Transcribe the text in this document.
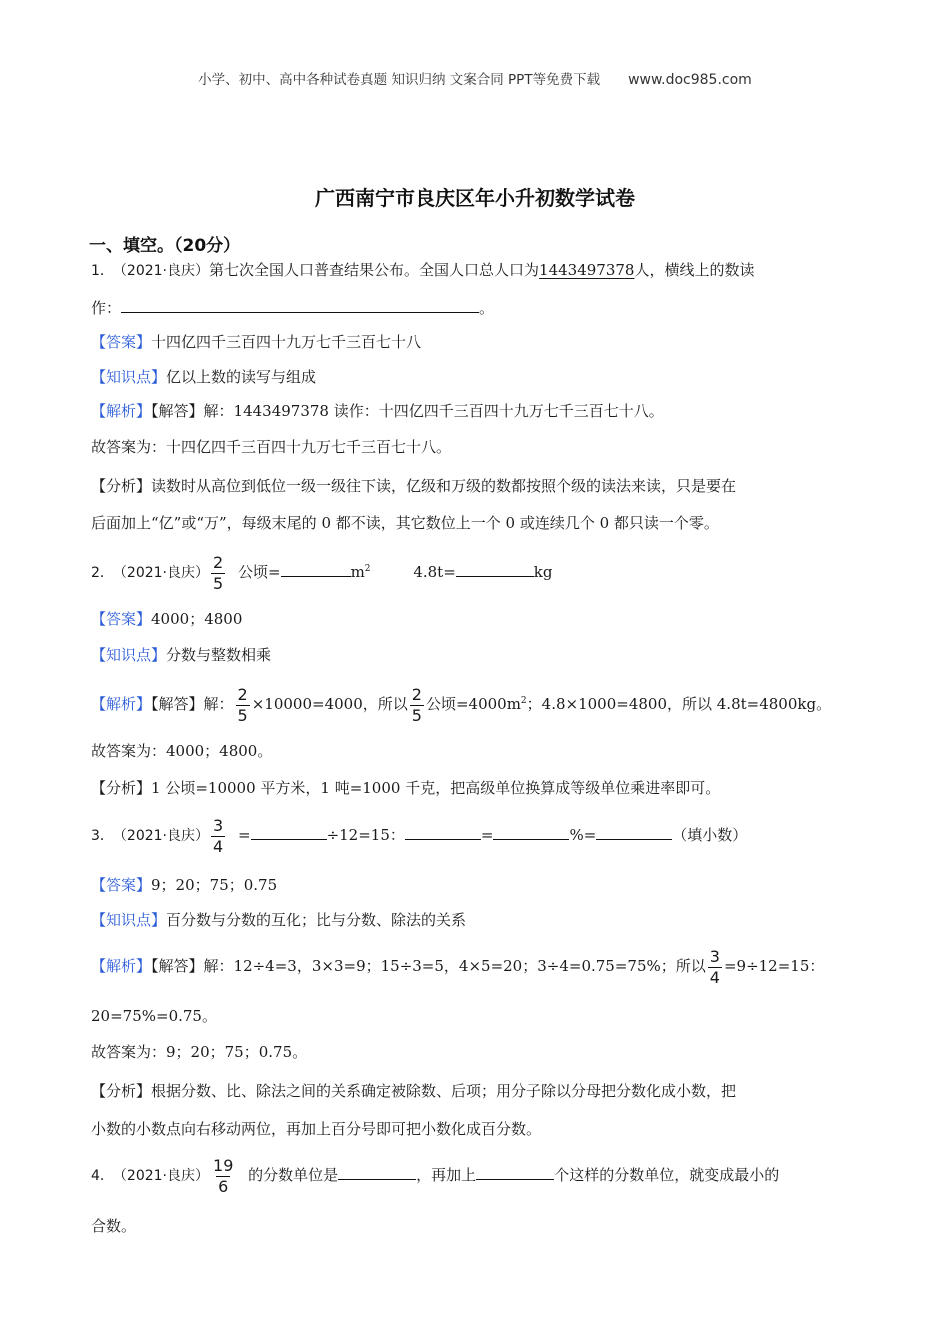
小学、初中、高中各种试卷真题 知识归纳 文案合同 PPT等免费下载 www.doc985.com
广西南宁市良庆区年小升初数学试卷
一、填空。（20分）
1． （2021·良庆）第七次全国人口普查结果公布。全国人口总人口为1443497378人，横线上的数读
作：	。
【答案】十四亿四千三百四十九万七千三百七十八
【知识点】亿以上数的读写与组成
【解析】【解答】解：1443497378 读作：十四亿四千三百四十九万七千三百七十八。
故答案为：十四亿四千三百四十九万七千三百七十八。
【分析】读数时从高位到低位一级一级往下读，亿级和万级的数都按照个级的读法来读，只是要在
后面加上“亿”或“万”，每级末尾的 0 都不读，其它数位上一个 0 或连续几个 0 都只读一个零。
2． （2021·良庆） $\frac{2}{5}$ 公顷=	$m^2$	4.8t=	kg
【答案】4000；4800
【知识点】分数与整数相乘
【解析】【解答】解： $\frac{2}{5} \times 10000=4000$，所以 $\frac{2}{5}$ 公顷$=4000m^2$；4.8×1000=4800，所以 4.8t=4800kg。
故答案为：4000；4800。
【分析】1 公顷=10000 平方米，1 吨=1000 千克，把高级单位换算成等级单位乘进率即可。
3． （2021·良庆） $\frac{3}{4}$ =	÷12=15：	=	%=	（填小数）
【答案】9；20；75；0.75
【知识点】百分数与分数的互化；比与分数、除法的关系
【解析】【解答】解：12÷4=3，3×3=9；15÷3=5，4×5=20；3÷4=0.75=75%；所以 $\frac{3}{4} =9\div 12=15$：
20=75%=0.75。
故答案为：9；20；75；0.75。
【分析】根据分数、比、除法之间的关系确定被除数、后项；用分子除以分母把分数化成小数，把
小数的小数点向右移动两位，再加上百分号即可把小数化成百分数。
4． （2021·良庆） $\frac{19}{6}$ 的分数单位是	，再加上	个这样的分数单位，就变成最小的
合数。
